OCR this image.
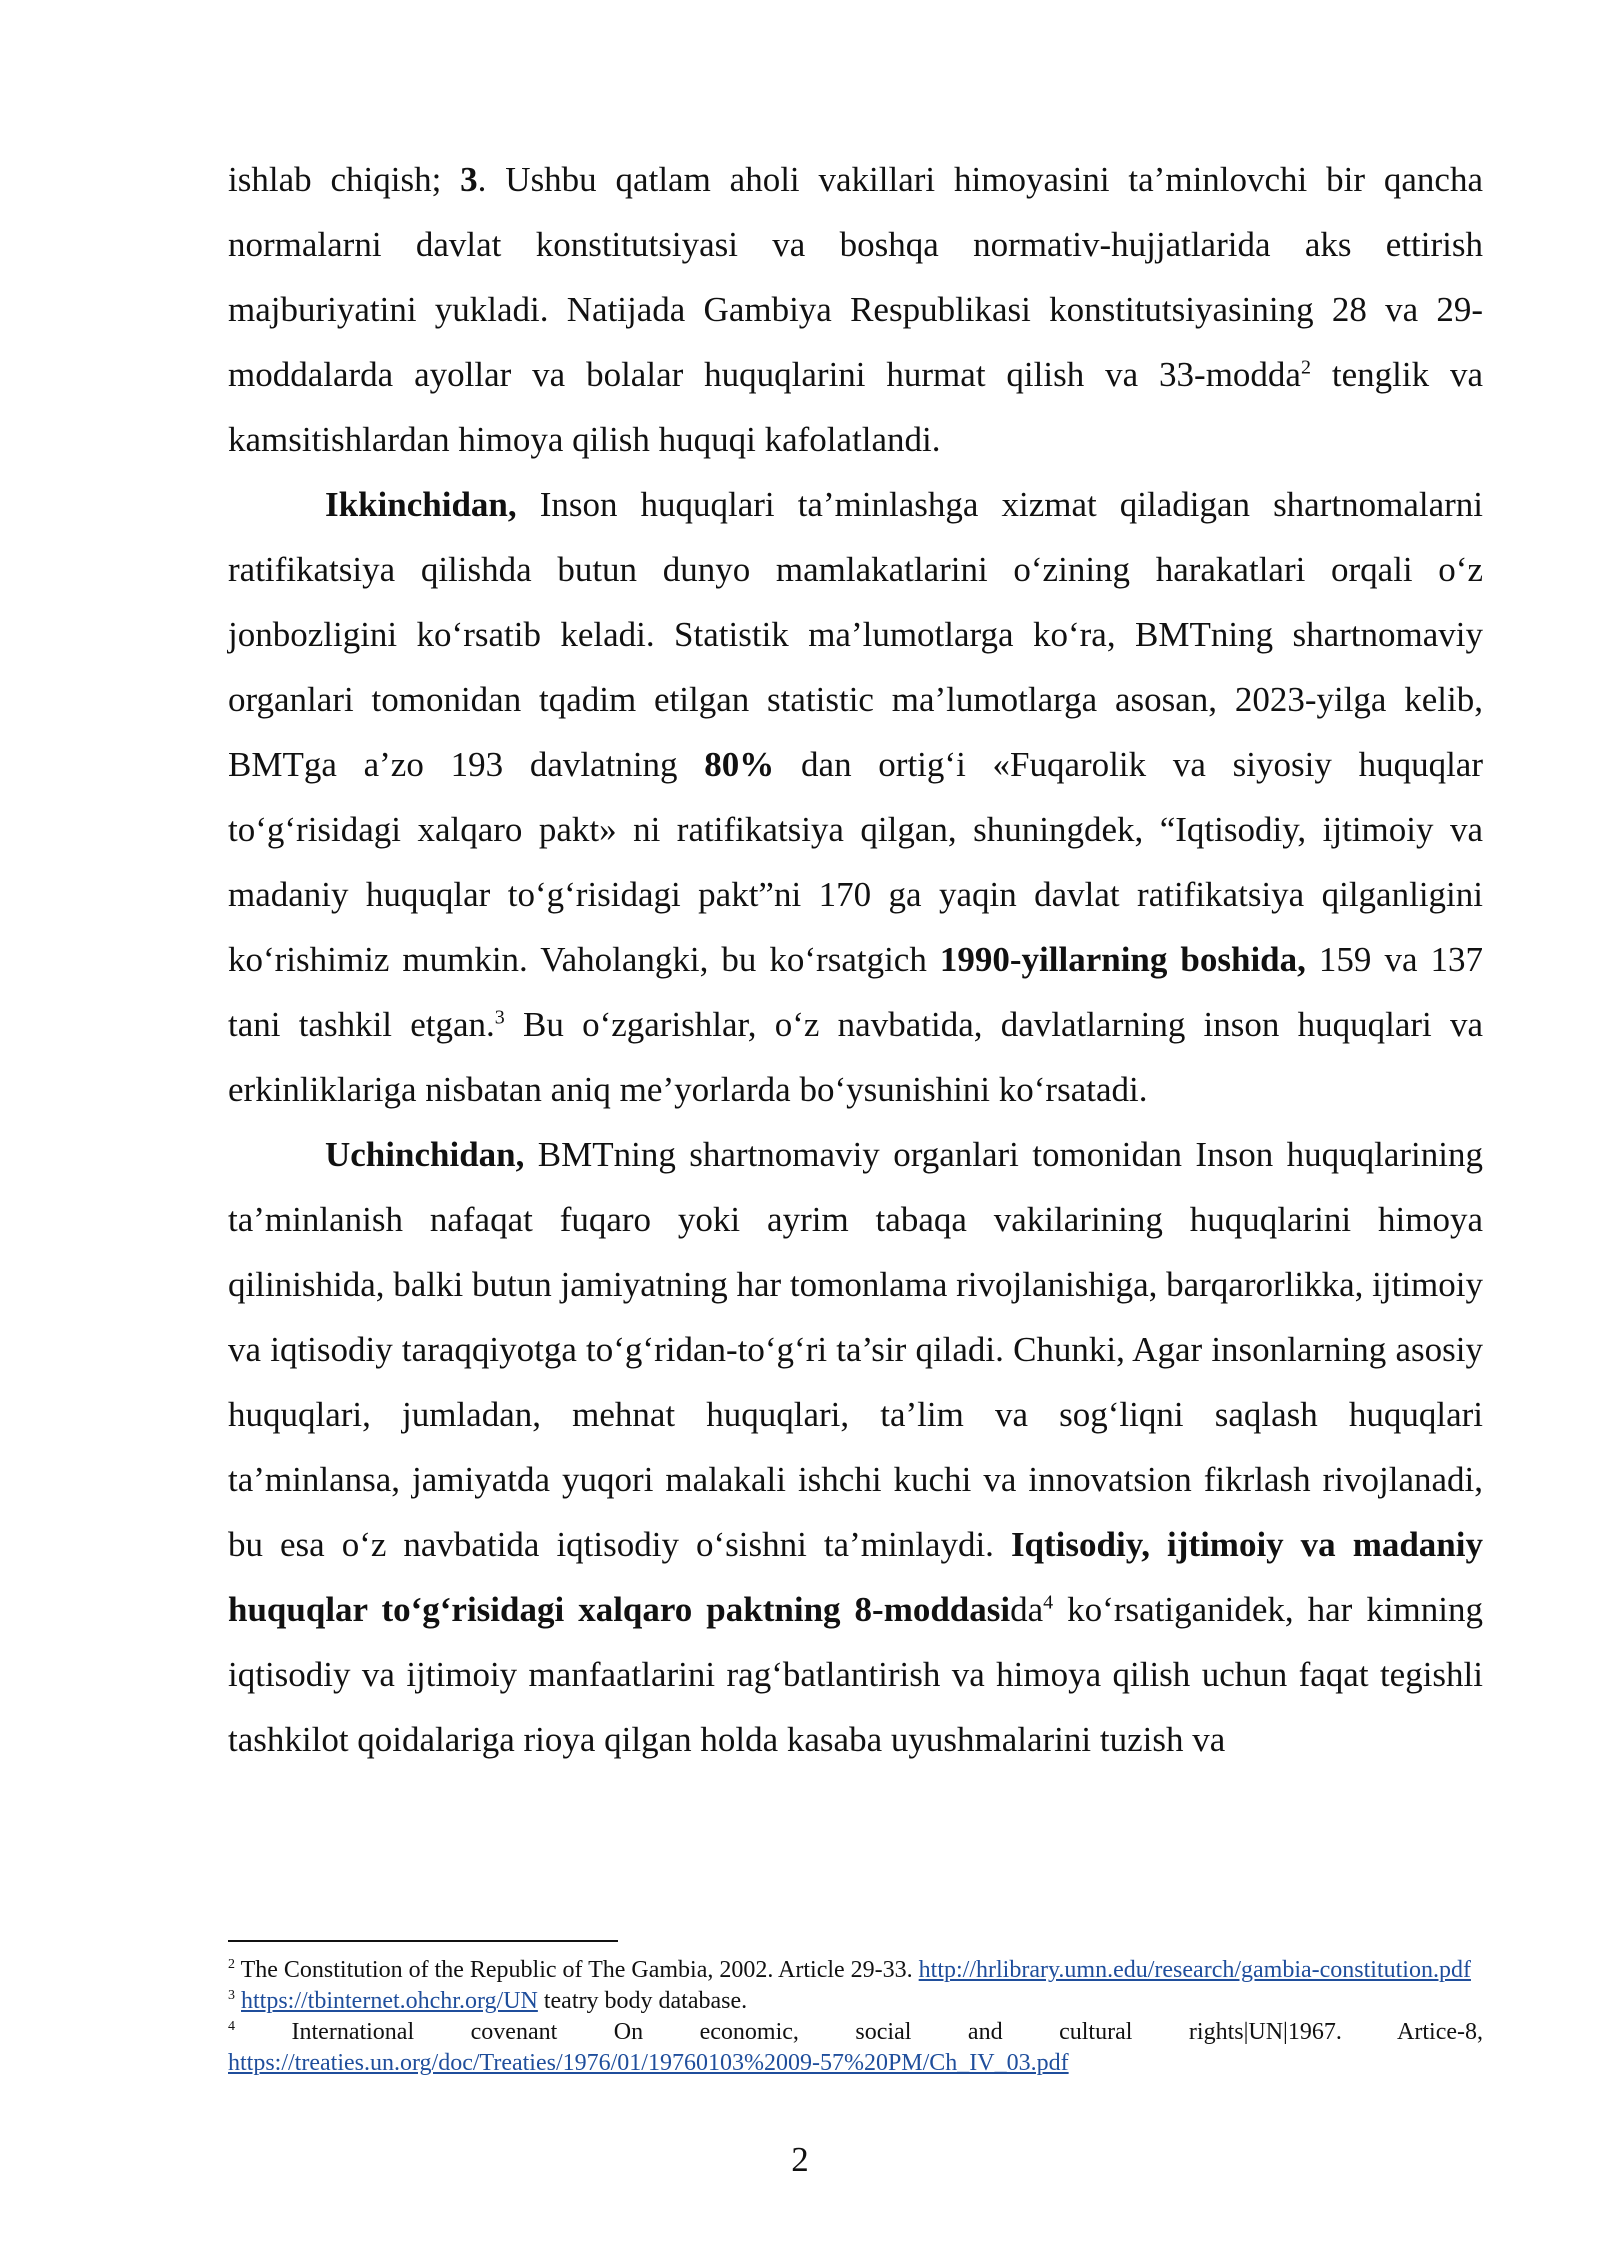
ishlab chiqish; 3. Ushbu qatlam aholi vakillari himoyasini ta’minlovchi bir qancha normalarni davlat konstitutsiyasi va boshqa normativ-hujjatlarida aks ettirish majburiyatini yukladi. Natijada Gambiya Respublikasi konstitutsiyasining 28 va 29-moddalarda ayollar va bolalar huquqlarini hurmat qilish va 33-modda$^2$ tenglik va kamsitishlardan himoya qilish huquqi kafolatlandi.

Ikkinchidan, Inson huquqlari ta’minlashga xizmat qiladigan shartnomalarni ratifikatsiya qilishda butun dunyo mamlakatlarini o‘zining harakatlari orqali o‘z jonbozligini ko‘rsatib keladi. Statistik ma’lumotlarga ko‘ra, BMTning shartnomaviy organlari tomonidan tqadim etilgan statistic ma’lumotlarga asosan, 2023-yilga kelib, BMTga a’zo 193 davlatning 80% dan ortig‘i «Fuqarolik va siyosiy huquqlar to‘g‘risidagi xalqaro pakt» ni ratifikatsiya qilgan, shuningdek, “Iqtisodiy, ijtimoiy va madaniy huquqlar to‘g‘risidagi pakt”ni 170 ga yaqin davlat ratifikatsiya qilganligini ko‘rishimiz mumkin. Vaholangki, bu ko‘rsatgich 1990-yillarning boshida, 159 va 137 tani tashkil etgan.$^3$ Bu o‘zgarishlar, o‘z navbatida, davlatlarning inson huquqlari va erkinliklariga nisbatan aniq me’yorlarda bo‘ysunishini ko‘rsatadi.

Uchinchidan, BMTning shartnomaviy organlari tomonidan Inson huquqlarining ta’minlanish nafaqat fuqaro yoki ayrim tabaqa vakilarining huquqlarini himoya qilinishida, balki butun jamiyatning har tomonlama rivojlanishiga, barqarorlikka, ijtimoiy va iqtisodiy taraqqiyotga to‘g‘ridan-to‘g‘ri ta’sir qiladi. Chunki, Agar insonlarning asosiy huquqlari, jumladan, mehnat huquqlari, ta’lim va sog‘liqni saqlash huquqlari ta’minlansa, jamiyatda yuqori malakali ishchi kuchi va innovatsion fikrlash rivojlanadi, bu esa o‘z navbatida iqtisodiy o‘sishni ta’minlaydi. Iqtisodiy, ijtimoiy va madaniy huquqlar to‘g‘risidagi xalqaro paktning 8-moddasida$^4$ ko‘rsatiganidek, har kimning iqtisodiy va ijtimoiy manfaatlarini rag‘batlantirish va himoya qilish uchun faqat tegishli tashkilot qoidalariga rioya qilgan holda kasaba uyushmalarini tuzish va

$^2$ The Constitution of the Republic of The Gambia, 2002. Article 29-33. http://hrlibrary.umn.edu/research/gambia-constitution.pdf

$^3$ https://tbinternet.ohchr.org/UN teatry body database.

$^4$ International covenant On economic, social and cultural rights|UN|1967. Artice-8,

https://treaties.un.org/doc/Treaties/1976/01/19760103%2009-57%20PM/Ch_IV_03.pdf

2
